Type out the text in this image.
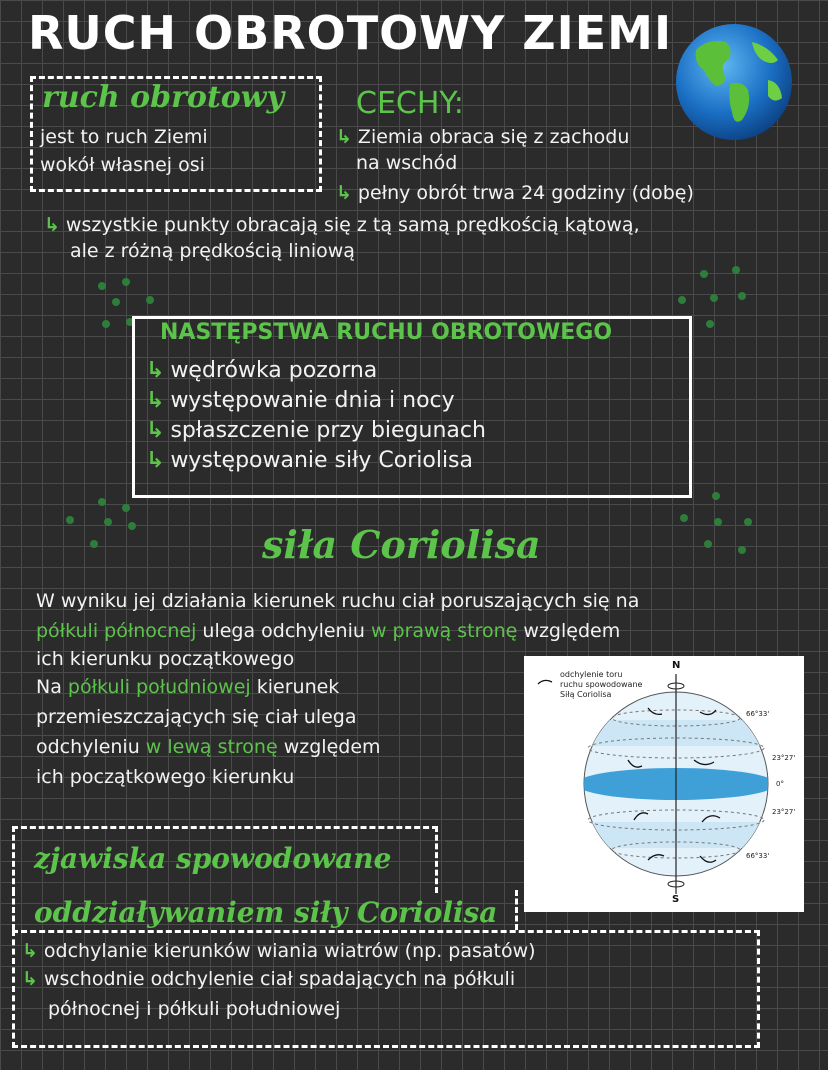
RUCH OBROTOWY ZIEMI
ruch obrotowy
jest to ruch Ziemi
wokół własnej osi
CECHY:
↳ Ziemia obraca się z zachodu
na wschód
↳ pełny obrót trwa 24 godziny (dobę)
↳ wszystkie punkty obracają się z tą samą prędkością kątową,
ale z różną prędkością liniową
NASTĘPSTWA RUCHU OBROTOWEGO
↳ wędrówka pozorna
↳ występowanie dnia i nocy
↳ spłaszczenie przy biegunach
↳ występowanie siły Coriolisa
siła Coriolisa
W wyniku jej działania kierunek ruchu ciał poruszających się na
półkuli północnej ulega odchyleniu w prawą stronę względem
ich kierunku początkowego
Na półkuli południowej kierunek
przemieszczających się ciał ulega
odchyleniu w lewą stronę względem
ich początkowego kierunku
odchylenie toru
ruchu spowodowane
Siłą Coriolisa
N
S
66°33'
23°27'
0°
23°27'
66°33'
zjawiska spowodowane
oddziaływaniem siły Coriolisa
↳ odchylanie kierunków wiania wiatrów (np. pasatów)
↳ wschodnie odchylenie ciał spadających na półkuli
północnej i półkuli południowej
